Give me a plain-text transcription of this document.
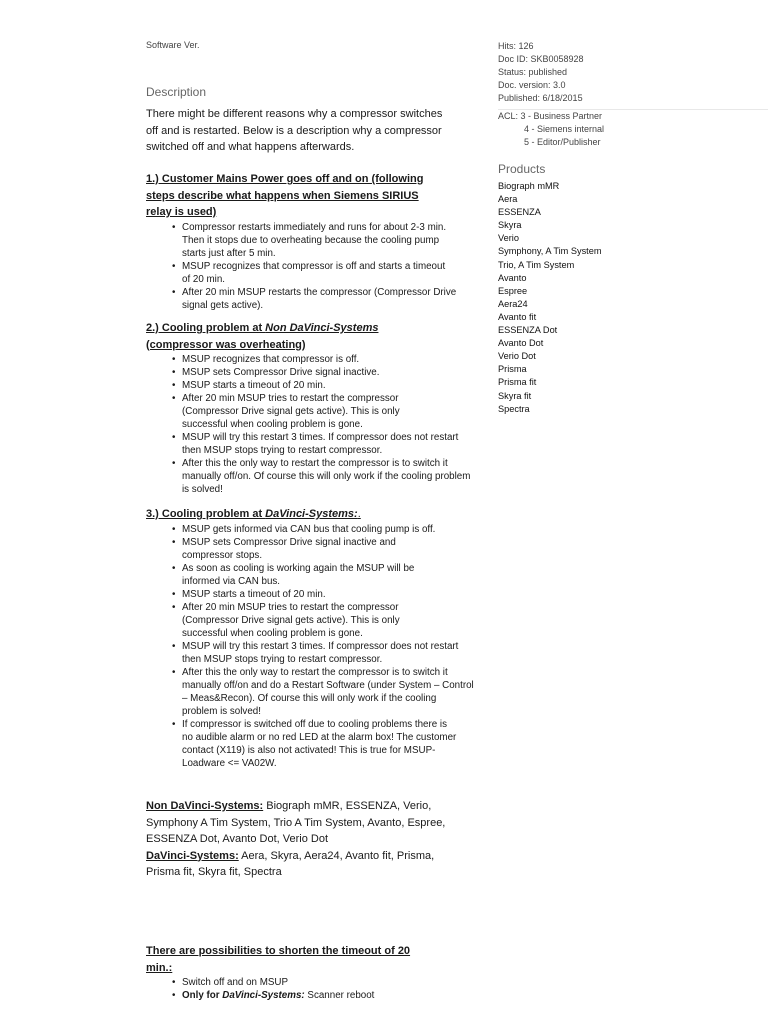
Software Ver.
Description
There might be different reasons why a compressor switches off and is restarted. Below is a description why a compressor switched off and what happens afterwards.

1.) Customer Mains Power goes off and on (following steps describe what happens when Siemens SIRIUS relay is used)

• Compressor restarts immediately and runs for about 2-3 min. Then it stops due to overheating because the cooling pump starts just after 5 min.
• MSUP recognizes that compressor is off and starts a timeout of 20 min.
• After 20 min MSUP restarts the compressor (Compressor Drive signal gets active).

2.) Cooling problem at Non DaVinci-Systems (compressor was overheating)

• MSUP recognizes that compressor is off.
• MSUP sets Compressor Drive signal inactive.
• MSUP starts a timeout of 20 min.
• After 20 min MSUP tries to restart the compressor (Compressor Drive signal gets active). This is only successful when cooling problem is gone.
• MSUP will try this restart 3 times. If compressor does not restart then MSUP stops trying to restart compressor.
• After this the only way to restart the compressor is to switch it manually off/on. Of course this will only work if the cooling problem is solved!

3.) Cooling problem at DaVinci-Systems:.

• MSUP gets informed via CAN bus that cooling pump is off.
• MSUP sets Compressor Drive signal inactive and compressor stops.
• As soon as cooling is working again the MSUP will be informed via CAN bus.
• MSUP starts a timeout of 20 min.
• After 20 min MSUP tries to restart the compressor (Compressor Drive signal gets active). This is only successful when cooling problem is gone.
• MSUP will try this restart 3 times. If compressor does not restart then MSUP stops trying to restart compressor.
• After this the only way to restart the compressor is to switch it manually off/on and do a Restart Software (under System – Control – Meas&Recon). Of course this will only work if the cooling problem is solved!
• If compressor is switched off due to cooling problems there is no audible alarm or no red LED at the alarm box! The customer contact (X119) is also not activated! This is true for MSUP-Loadware <= VA02W.
Non DaVinci-Systems: Biograph mMR, ESSENZA, Verio, Symphony A Tim System, Trio A Tim System, Avanto, Espree, ESSENZA Dot, Avanto Dot, Verio Dot
DaVinci-Systems: Aera, Skyra, Aera24, Avanto fit, Prisma, Prisma fit, Skyra fit, Spectra

There are possibilities to shorten the timeout of 20 min.:

• Switch off and on MSUP
• Only for DaVinci-Systems: Scanner reboot
Hits: 126
Doc ID: SKB0058928
Status: published
Doc. version: 3.0
Published: 6/18/2015
ACL: 3 - Business Partner
4 - Siemens internal
5 - Editor/Publisher
Products
Biograph mMR
Aera
ESSENZA
Skyra
Verio
Symphony, A Tim System
Trio, A Tim System
Avanto
Espree
Aera24
Avanto fit
ESSENZA Dot
Avanto Dot
Verio Dot
Prisma
Prisma fit
Skyra fit
Spectra
